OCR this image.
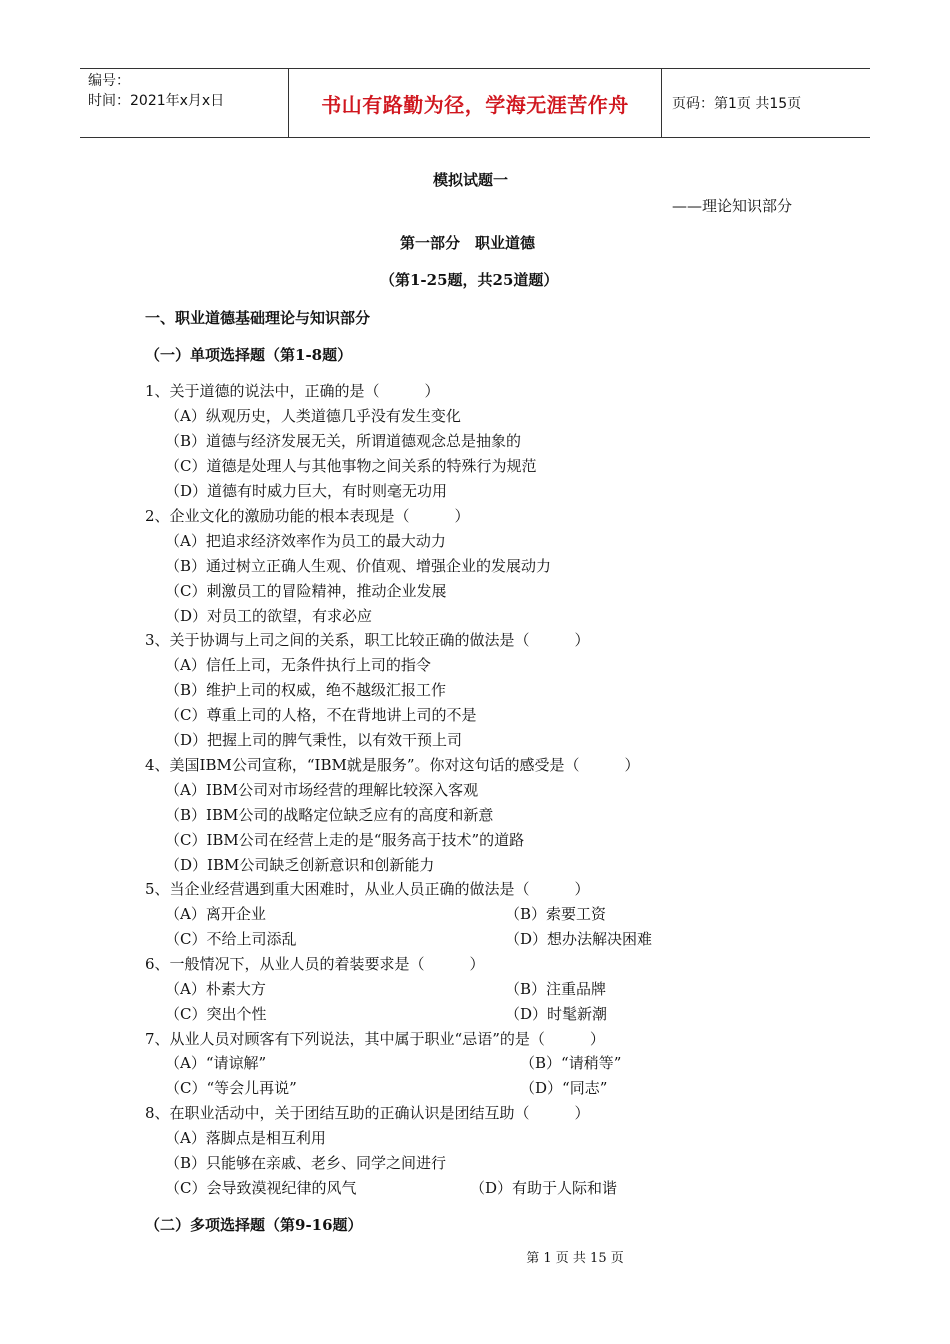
编号：
时间：2021年x月x日	书山有路勤为径，学海无涯苦作舟	页码：第1页 共15页
模拟试题一
——理论知识部分
第一部分　职业道德
（第1-25题，共25道题）
一、职业道德基础理论与知识部分
（一）单项选择题（第1-8题）
1、关于道德的说法中，正确的是（　　　）
（A）纵观历史，人类道德几乎没有发生变化
（B）道德与经济发展无关，所谓道德观念总是抽象的
（C）道德是处理人与其他事物之间关系的特殊行为规范
（D）道德有时威力巨大，有时则毫无功用
2、企业文化的激励功能的根本表现是（　　　）
（A）把追求经济效率作为员工的最大动力
（B）通过树立正确人生观、价值观、增强企业的发展动力
（C）刺激员工的冒险精神，推动企业发展
（D）对员工的欲望，有求必应
3、关于协调与上司之间的关系，职工比较正确的做法是（　　　）
（A）信任上司，无条件执行上司的指令
（B）维护上司的权威，绝不越级汇报工作
（C）尊重上司的人格，不在背地讲上司的不是
（D）把握上司的脾气秉性，以有效干预上司
4、美国IBM公司宣称，“IBM就是服务”。你对这句话的感受是（　　　）
（A）IBM公司对市场经营的理解比较深入客观
（B）IBM公司的战略定位缺乏应有的高度和新意
（C）IBM公司在经营上走的是“服务高于技术”的道路
（D）IBM公司缺乏创新意识和创新能力
5、当企业经营遇到重大困难时，从业人员正确的做法是（　　　）
（A）离开企业	（B）索要工资
（C）不给上司添乱	（D）想办法解决困难
6、一般情况下，从业人员的着装要求是（　　　）
（A）朴素大方	（B）注重品牌
（C）突出个性	（D）时髦新潮
7、从业人员对顾客有下列说法，其中属于职业“忌语”的是（　　　）
（A）“请谅解”	（B）“请稍等”
（C）“等会儿再说”	（D）“同志”
8、在职业活动中，关于团结互助的正确认识是团结互助（　　　）
（A）落脚点是相互利用
（B）只能够在亲戚、老乡、同学之间进行
（C）会导致漠视纪律的风气	（D）有助于人际和谐
（二）多项选择题（第9-16题）
第 1 页 共 15 页
